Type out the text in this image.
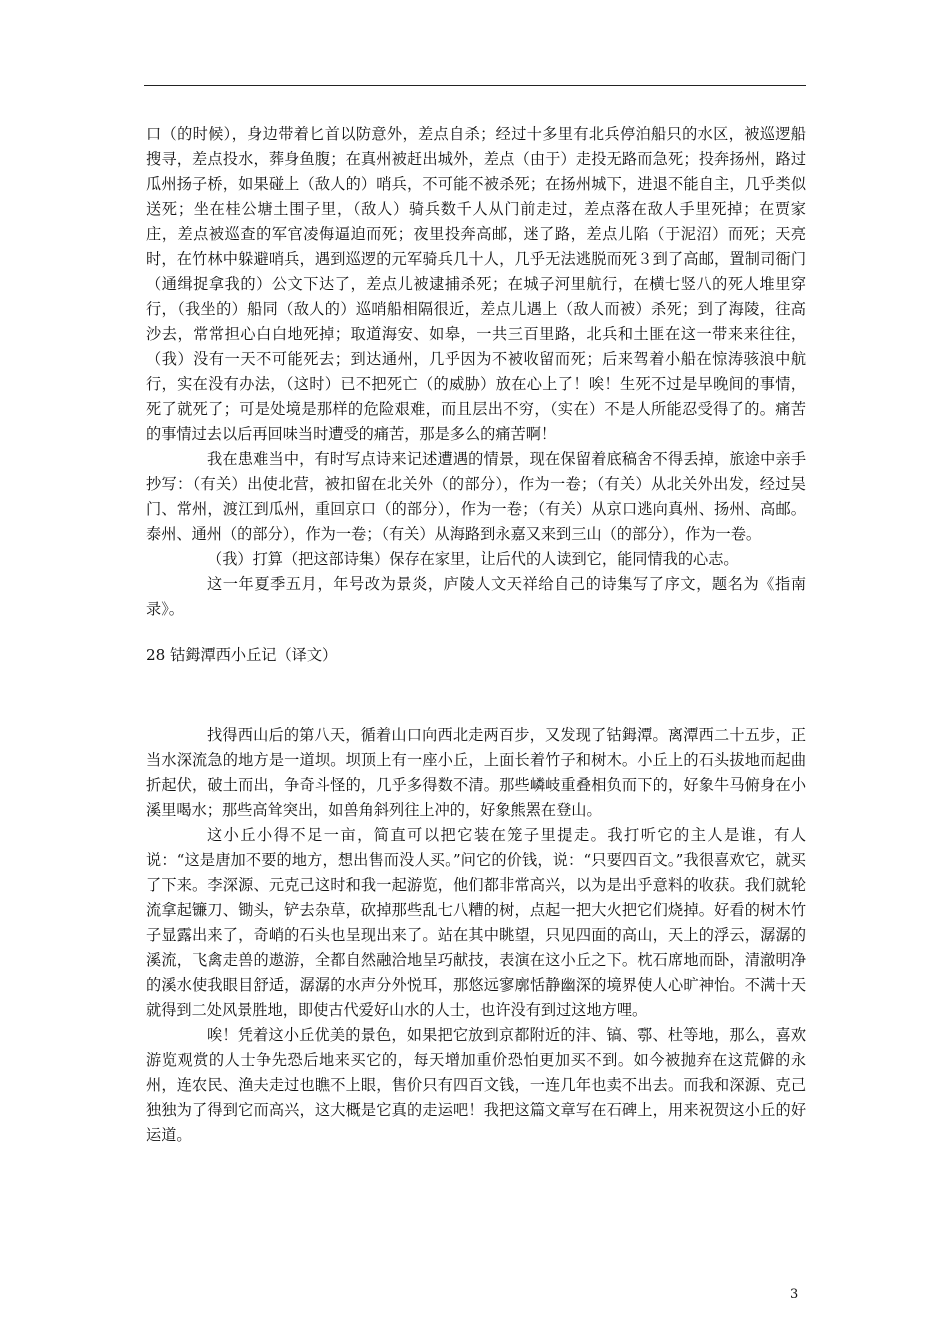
口（的时候），身边带着匕首以防意外，差点自杀；经过十多里有北兵停泊船只的水区，被巡逻船搜寻，差点投水，葬身鱼腹；在真州被赶出城外，差点（由于）走投无路而急死；投奔扬州，路过瓜州扬子桥，如果碰上（敌人的）哨兵，不可能不被杀死；在扬州城下，进退不能自主，几乎类似送死；坐在桂公塘土围子里，（敌人）骑兵数千人从门前走过，差点落在敌人手里死掉；在贾家庄，差点被巡查的军官凌侮逼迫而死；夜里投奔高邮，迷了路，差点儿陷（于泥沼）而死；天亮时，在竹林中躲避哨兵，遇到巡逻的元军骑兵几十人，几乎无法逃脱而死３到了高邮，置制司衙门（通缉捉拿我的）公文下达了，差点儿被逮捕杀死；在城子河里航行，在横七竖八的死人堆里穿行，（我坐的）船同（敌人的）巡哨船相隔很近，差点儿遇上（敌人而被）杀死；到了海陵，往高沙去，常常担心白白地死掉；取道海安、如皋，一共三百里路，北兵和土匪在这一带来来往往，（我）没有一天不可能死去；到达通州，几乎因为不被收留而死；后来驾着小船在惊涛骇浪中航行，实在没有办法，（这时）已不把死亡（的威胁）放在心上了！唉！生死不过是早晚间的事情，死了就死了；可是处境是那样的危险艰难，而且层出不穷，（实在）不是人所能忍受得了的。痛苦的事情过去以后再回味当时遭受的痛苦，那是多么的痛苦啊！

我在患难当中，有时写点诗来记述遭遇的情景，现在保留着底稿舍不得丢掉，旅途中亲手抄写：（有关）出使北营，被扣留在北关外（的部分），作为一卷；（有关）从北关外出发，经过吴门、常州，渡江到瓜州，重回京口（的部分），作为一卷；（有关）从京口逃向真州、扬州、高邮。泰州、通州（的部分），作为一卷；（有关）从海路到永嘉又来到三山（的部分），作为一卷。

（我）打算（把这部诗集）保存在家里，让后代的人读到它，能同情我的心志。

这一年夏季五月，年号改为景炎，庐陵人文天祥给自己的诗集写了序文，题名为《指南录》。

28 钴鉧潭西小丘记（译文）

找得西山后的第八天，循着山口向西北走两百步，又发现了钴鉧潭。离潭西二十五步，正当水深流急的地方是一道坝。坝顶上有一座小丘，上面长着竹子和树木。小丘上的石头拔地而起曲折起伏，破土而出，争奇斗怪的，几乎多得数不清。那些嶙岐重叠相负而下的，好象牛马俯身在小溪里喝水；那些高耸突出，如兽角斜列往上冲的，好象熊罴在登山。

这小丘小得不足一亩，简直可以把它装在笼子里提走。我打听它的主人是谁，有人说：“这是唐加不要的地方，想出售而没人买。”问它的价钱，说：“只要四百文。”我很喜欢它，就买了下来。李深源、元克己这时和我一起游览，他们都非常高兴，以为是出乎意料的收获。我们就轮流拿起镰刀、锄头，铲去杂草，砍掉那些乱七八糟的树，点起一把大火把它们烧掉。好看的树木竹子显露出来了，奇峭的石头也呈现出来了。站在其中眺望，只见四面的高山，天上的浮云，潺潺的溪流，飞禽走兽的遨游，全都自然融洽地呈巧献技，表演在这小丘之下。枕石席地而卧，清澈明净的溪水使我眼目舒适，潺潺的水声分外悦耳，那悠远寥廓恬静幽深的境界使人心旷神怡。不满十天就得到二处风景胜地，即使古代爱好山水的人士，也许没有到过这地方哩。

唉！凭着这小丘优美的景色，如果把它放到京都附近的沣、镐、鄠、杜等地，那么，喜欢游览观赏的人士争先恐后地来买它的，每天增加重价恐怕更加买不到。如今被抛弃在这荒僻的永州，连农民、渔夫走过也瞧不上眼，售价只有四百文钱，一连几年也卖不出去。而我和深源、克己独独为了得到它而高兴，这大概是它真的走运吧！我把这篇文章写在石碑上，用来祝贺这小丘的好运道。

3
